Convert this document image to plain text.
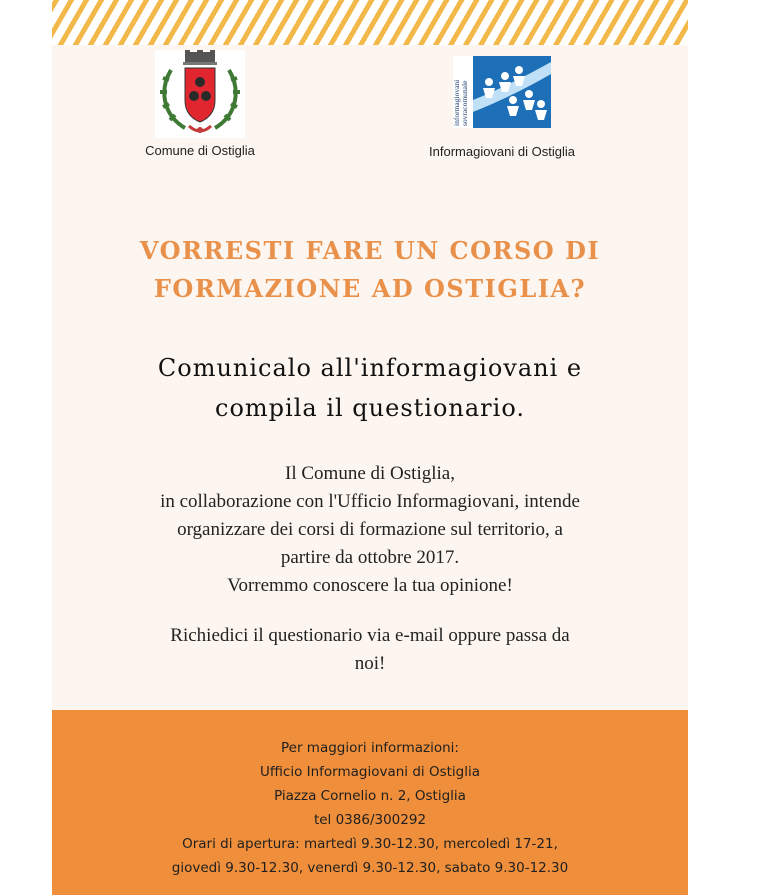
Comune di Ostiglia
informagiovani sovracomunale
Informagiovani di Ostiglia
VORRESTI FARE UN CORSO DI
FORMAZIONE AD OSTIGLIA?
Comunicalo all'informagiovani e
compila il questionario.

Il Comune di Ostiglia,

in collaborazione con l'Ufficio Informagiovani, intende

organizzare dei corsi di formazione sul territorio, a

partire da ottobre 2017.

Vorremmo conoscere la tua opinione!

Richiedici il questionario via e-mail oppure passa da

noi!

Per maggiori informazioni:
Ufficio Informagiovani di Ostiglia
Piazza Cornelio n. 2, Ostiglia
tel 0386/300292
Orari di apertura: martedì 9.30-12.30, mercoledì 17-21,
giovedì 9.30-12.30, venerdì 9.30-12.30, sabato 9.30-12.30
